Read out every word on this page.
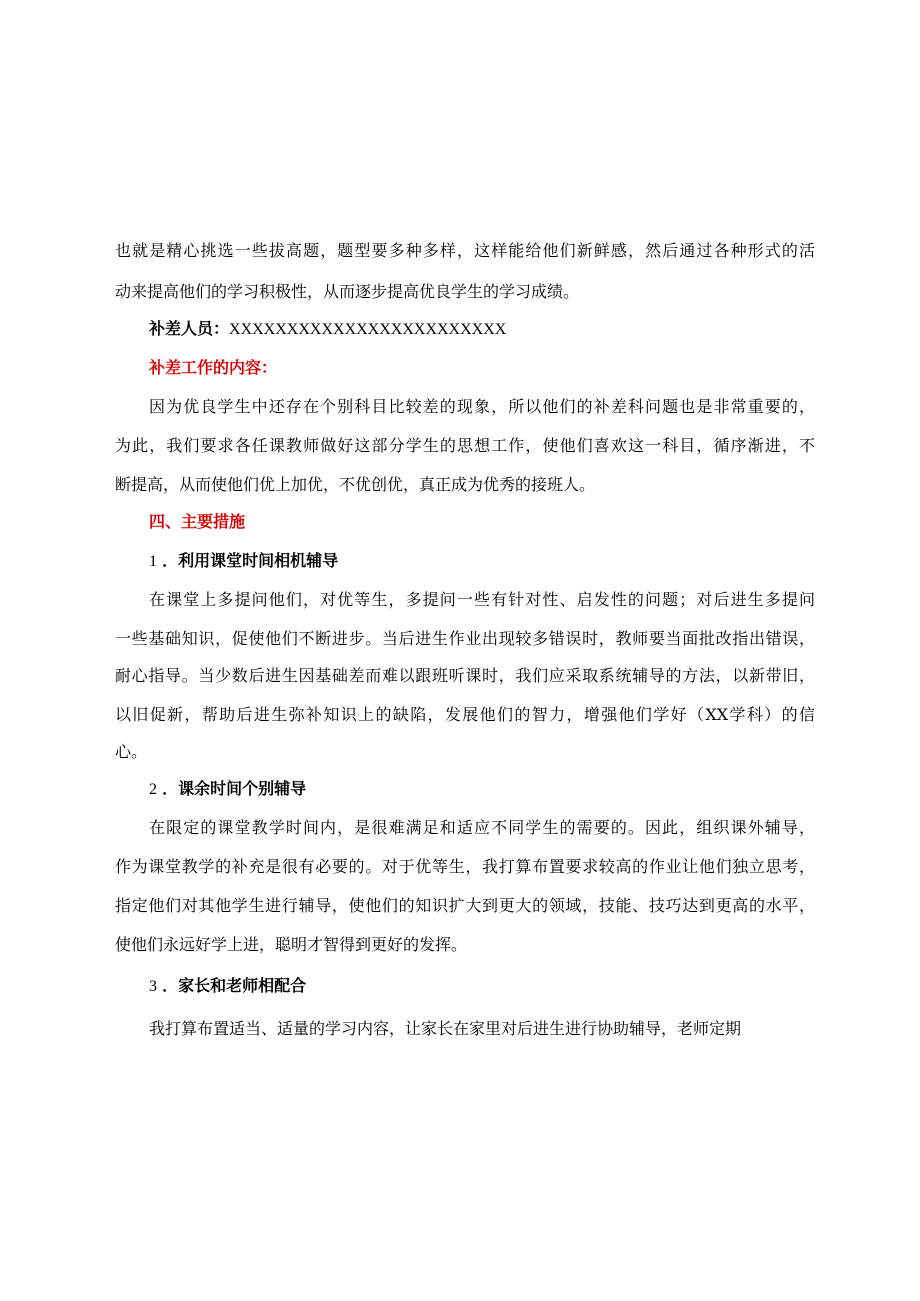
也就是精心挑选一些拔高题，题型要多种多样，这样能给他们新鲜感，然后通过各种形式的活
动来提高他们的学习积极性，从而逐步提高优良学生的学习成绩。
补差人员：XXXXXXXXXXXXXXXXXXXXXXXX
补差工作的内容：
因为优良学生中还存在个别科目比较差的现象，所以他们的补差科问题也是非常重要的，
为此，我们要求各任课教师做好这部分学生的思想工作，使他们喜欢这一科目，循序渐进，不
断提高，从而使他们优上加优，不优创优，真正成为优秀的接班人。
四、主要措施
1 ．利用课堂时间相机辅导
在课堂上多提问他们，对优等生，多提问一些有针对性、启发性的问题；对后进生多提问
一些基础知识，促使他们不断进步。当后进生作业出现较多错误时，教师要当面批改指出错误，
耐心指导。当少数后进生因基础差而难以跟班听课时，我们应采取系统辅导的方法，以新带旧，
以旧促新，帮助后进生弥补知识上的缺陷，发展他们的智力，增强他们学好（XX学科）的信
心。
2 ．课余时间个别辅导
在限定的课堂教学时间内，是很难满足和适应不同学生的需要的。因此，组织课外辅导，
作为课堂教学的补充是很有必要的。对于优等生，我打算布置要求较高的作业让他们独立思考，
指定他们对其他学生进行辅导，使他们的知识扩大到更大的领域，技能、技巧达到更高的水平，
使他们永远好学上进，聪明才智得到更好的发挥。
3 ．家长和老师相配合
我打算布置适当、适量的学习内容，让家长在家里对后进生进行协助辅导，老师定期
